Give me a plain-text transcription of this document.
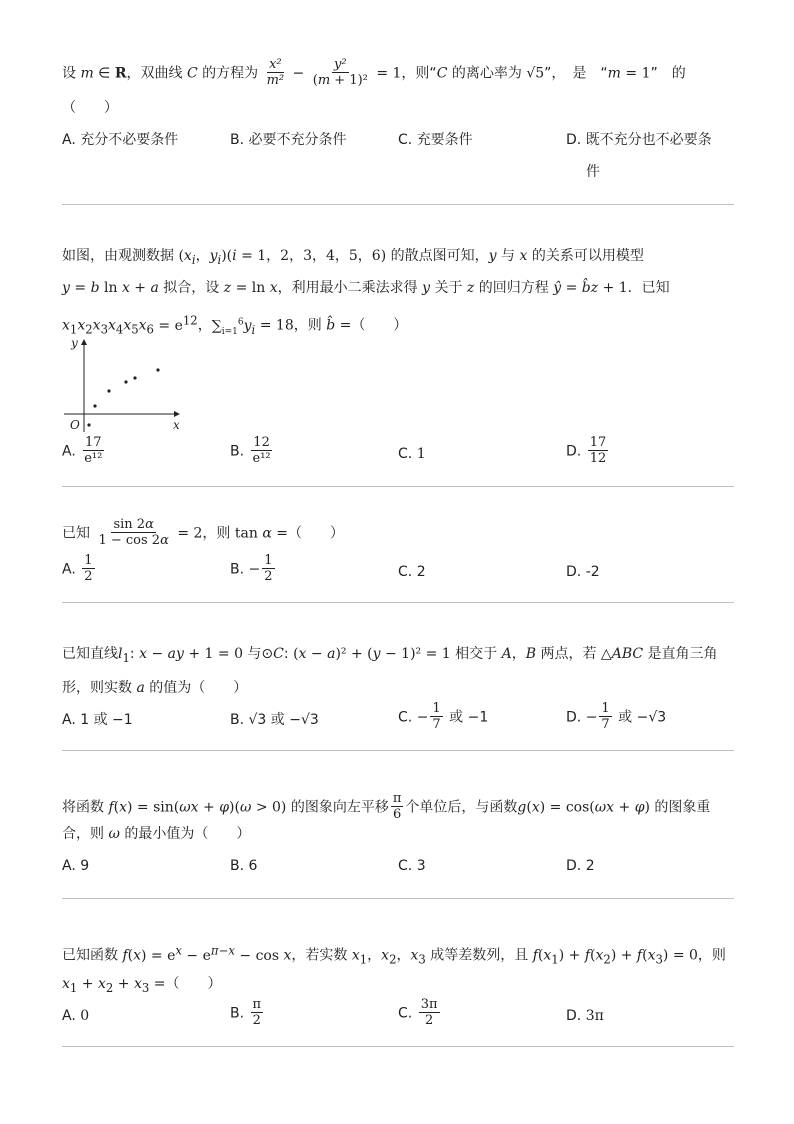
设 m ∈ R，双曲线 C 的方程为 $\frac{\text{x²}}{\text{m²}} - \frac{\text{y²}}{\text{(m + 1)²}} = 1$，则“C 的离心率为 √5”，　是　“m = 1”　的
（　　）
A. 充分不必要条件	B. 必要不充分条件	C. 充要条件	D. 既不充分也不必要条
件
如图，由观测数据 ($x_i$，$y_i)(i = 1$，2，3，4，5，6) 的散点图可知，y 与 x 的关系可以用模型
y = b ln x + a 拟合，设 z = ln x，利用最小二乘法求得 y 关于 z 的回归方程 ŷ = b̂z + 1．已知
$x_1x_2x_3x_4x_5x_6 = e^{12}$，$\sum_{i=1}^6y_i = 18$，则 b̂ =（　　）
y
x
O
A. $\frac{17}{\text{e¹²}}$	B. $\frac{12}{\text{e¹²}}$	C. 1	D. $\frac{17}{12}$
已知 $\frac{\sin 2\alpha}{1 - \cos 2\alpha} = 2$，则 tan α =（　　）
A. $\frac{1}{2}$	B. − $\frac{1}{2}$	C. 2	D. -2
已知直线$l_1$: x − ay + 1 = 0 与⊙C: (x − a)² + (y − 1)² = 1 相交于 A，B 两点，若 △ABC 是直角三角
形，则实数 a 的值为（　　）
A. 1 或 −1	B. √3 或 −√3	C. − $\frac{1}{7}$ 或 −1	D. − $\frac{1}{7}$ 或 −√3
将函数 f(x) = sin(ωx + φ)(ω > 0) 的图象向左平移 $\frac{\pi}{6}$ 个单位后，与函数g(x) = cos(ωx + φ) 的图象重
合，则 ω 的最小值为（　　）
A. 9	B. 6	C. 3	D. 2
已知函数 $f(x) = e^x - e^{\pi-x} - \cos x$，若实数 $x_1$，$x_2$，$x_3$ 成等差数列，且 $f(x_1) + f(x_2) + f(x_3) = 0$，则
$x_1 + x_2 + x_3$ =（　　）
A. 0	B. $\frac{\pi}{2}$	C. $\frac{3\pi}{2}$	D. 3π
